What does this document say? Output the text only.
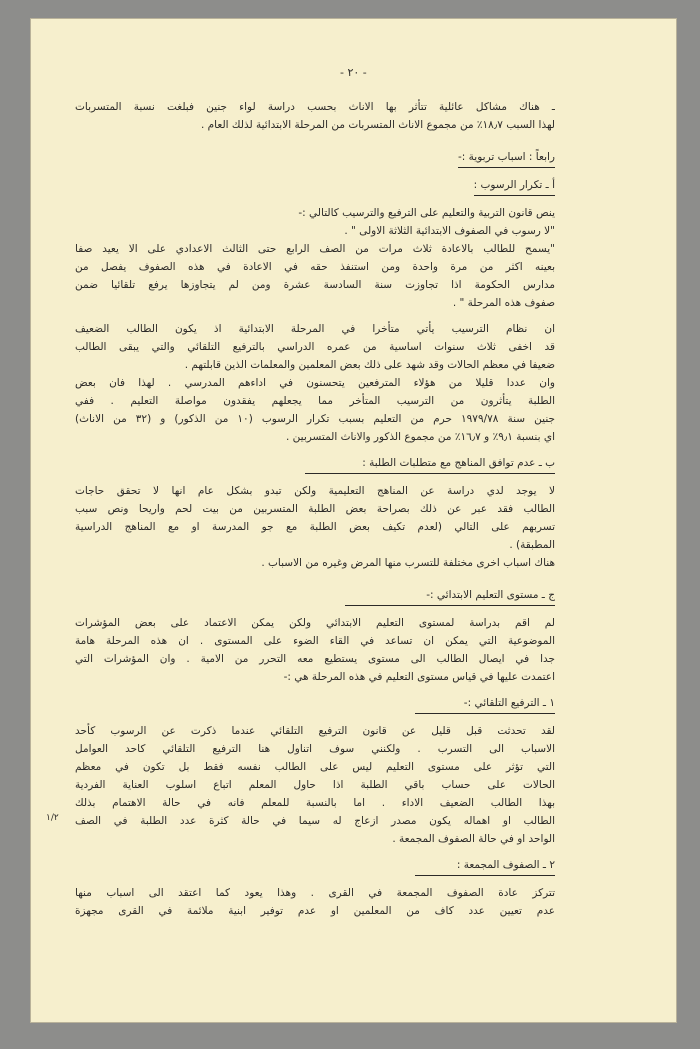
- ٢٠ -
١/٢
ـ هناك مشاكل عائلية تتأثر بها الاناث بحسب دراسة لواء جنين فبلغت نسبة المتسربات
لهذا السبب ١٨٫٧٪ من مجموع الاناث المتسربات من المرحلة الابتدائية لذلك العام .
رابعاً : اسباب تربوية :-
أ ـ تكرار الرسوب :
ينص قانون التربية والتعليم على الترفيع والترسيب كالتالي :-
"لا رسوب في الصفوف الابتدائية الثلاثة الاولى " .
"يسمح للطالب بالاعادة ثلاث مرات من الصف الرابع حتى الثالث الاعدادي على الا يعيد صفا
بعينه اكثر من مرة واحدة ومن استنفذ حقه في الاعادة في هذه الصفوف يفصل من
مدارس الحكومة اذا تجاوزت سنة السادسة عشرة ومن لم يتجاوزها يرفع تلقائيا ضمن
صفوف هذه المرحلة " .
ان نظام الترسيب يأتي متأخرا في المرحلة الابتدائية اذ يكون الطالب الضعيف
قد اخفى ثلاث سنوات اساسية من عمره الدراسي بالترفيع التلقائي والتي يبقى الطالب
ضعيفا في معظم الحالات وقد شهد على ذلك بعض المعلمين والمعلمات الذين قابلتهم .
وان عددا قليلا من هؤلاء المترفعين يتحسنون في اداءهم المدرسي . لهذا فان بعض
الطلبة يتأثرون من الترسيب المتأخر مما يجعلهم يفقدون مواصلة التعليم . ففي
جنين سنة ١٩٧٩/٧٨ حرم من التعليم بسبب تكرار الرسوب (١٠ من الذكور) و (٣٢ من الاناث)
اي بنسبة ٩٫١٪ و ١٦٫٧٪ من مجموع الذكور والاناث المتسربين .
ب ـ عدم توافق المناهج مع متطلبات الطلبة :
لا يوجد لدي دراسة عن المناهج التعليمية ولكن تبدو بشكل عام انها لا تحقق حاجات
الطالب فقد عبر عن ذلك بصراحة بعض الطلبة المتسربين من بيت لحم واريحا ونص سبب
تسربهم على التالي (لعدم تكيف بعض الطلبة مع جو المدرسة او مع المناهج الدراسية
المطبقة) .
هناك اسباب اخرى مختلفة للتسرب منها المرض وغيره من الاسباب .
ج ـ مستوى التعليم الابتدائي :-
لم اقم بدراسة لمستوى التعليم الابتدائي ولكن يمكن الاعتماد على بعض المؤشرات
الموضوعية التي يمكن ان تساعد في القاء الضوء على المستوى . ان هذه المرحلة هامة
جدا في ايصال الطالب الى مستوى يستطيع معه التحرر من الامية . وان المؤشرات التي
اعتمدت عليها في قياس مستوى التعليم في هذه المرحلة هي :-
١ ـ الترفيع التلقائي :-
لقد تحدثت قبل قليل عن قانون الترفيع التلقائي عندما ذكرت عن الرسوب كأحد
الاسباب الى التسرب . ولكنني سوف اتناول هنا الترفيع التلقائي كاحد العوامل
التي تؤثر على مستوى التعليم ليس على الطالب نفسه فقط بل تكون في معظم
الحالات على حساب باقي الطلبة اذا حاول المعلم اتباع اسلوب العناية الفردية
بهذا الطالب الضعيف الاداء . اما بالنسبة للمعلم فانه في حالة الاهتمام بذلك
الطالب او اهماله يكون مصدر ازعاج له سيما في حالة كثرة عدد الطلبة في الصف
الواحد او في حالة الصفوف المجمعة .
٢ ـ الصفوف المجمعة :
تتركز عادة الصفوف المجمعة في القرى . وهذا يعود كما اعتقد الى اسباب منها
عدم تعيين عدد كاف من المعلمين او عدم توفير ابنية ملائمة في القرى مجهزة
